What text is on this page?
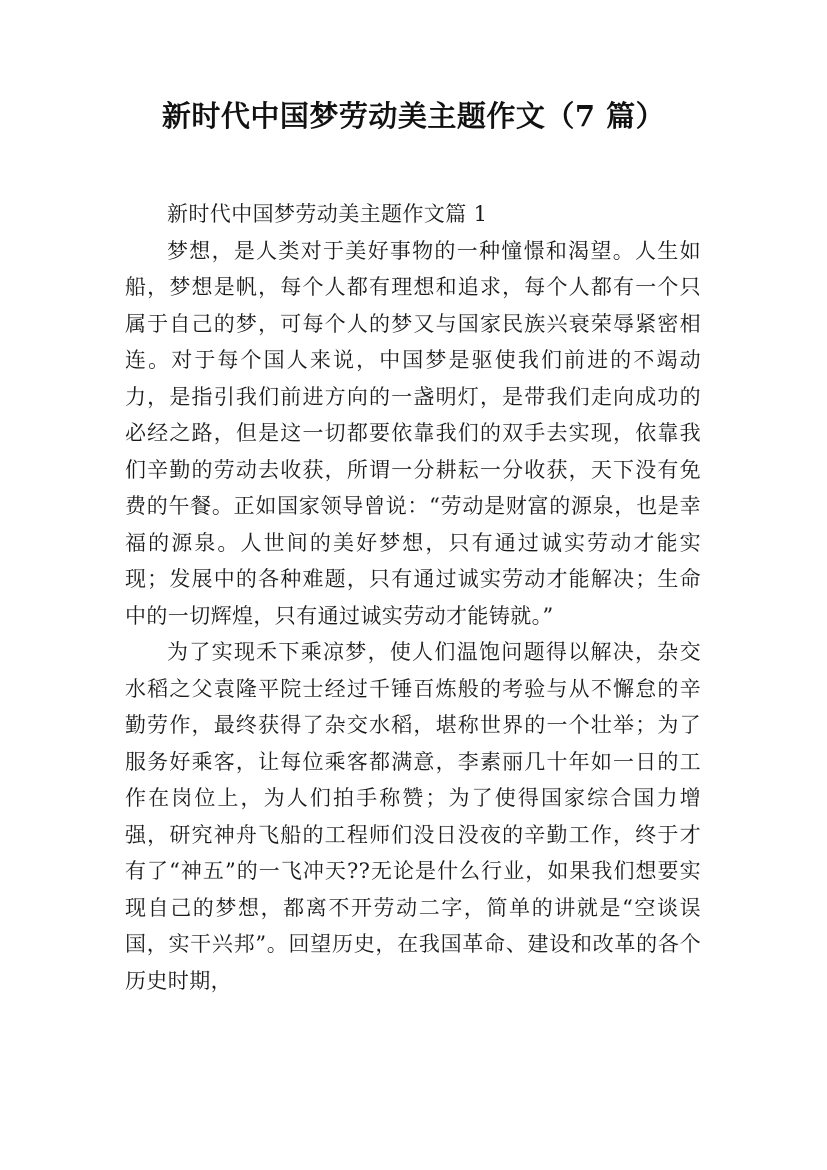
新时代中国梦劳动美主题作文（7 篇）

新时代中国梦劳动美主题作文篇 1

梦想，是人类对于美好事物的一种憧憬和渴望。人生如船，梦想是帆，每个人都有理想和追求，每个人都有一个只属于自己的梦，可每个人的梦又与国家民族兴衰荣辱紧密相连。对于每个国人来说，中国梦是驱使我们前进的不竭动力，是指引我们前进方向的一盏明灯，是带我们走向成功的必经之路，但是这一切都要依靠我们的双手去实现，依靠我们辛勤的劳动去收获，所谓一分耕耘一分收获，天下没有免费的午餐。正如国家领导曾说：“劳动是财富的源泉，也是幸福的源泉。人世间的美好梦想，只有通过诚实劳动才能实现；发展中的各种难题，只有通过诚实劳动才能解决；生命中的一切辉煌，只有通过诚实劳动才能铸就。”

为了实现禾下乘凉梦，使人们温饱问题得以解决，杂交水稻之父袁隆平院士经过千锤百炼般的考验与从不懈怠的辛勤劳作，最终获得了杂交水稻，堪称世界的一个壮举；为了服务好乘客，让每位乘客都满意，李素丽几十年如一日的工作在岗位上，为人们拍手称赞；为了使得国家综合国力增强，研究神舟飞船的工程师们没日没夜的辛勤工作，终于才有了“神五”的一飞冲天??无论是什么行业，如果我们想要实现自己的梦想，都离不开劳动二字，简单的讲就是“空谈误国，实干兴邦”。回望历史，在我国革命、建设和改革的各个历史时期，
